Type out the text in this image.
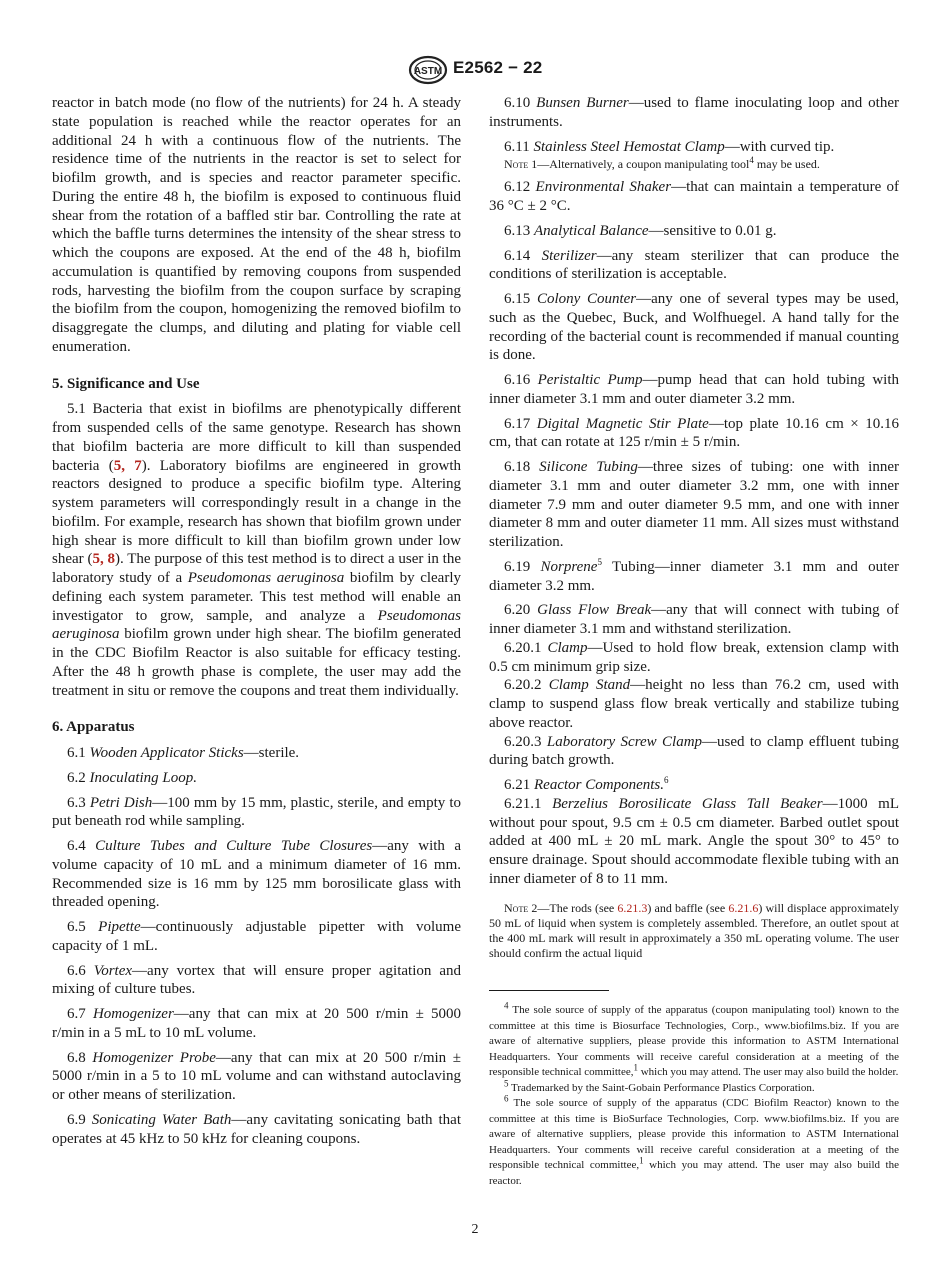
ASTM E2562 − 22

reactor in batch mode (no flow of the nutrients) for 24 h. A steady state population is reached while the reactor operates for an additional 24 h with a continuous flow of the nutrients. The residence time of the nutrients in the reactor is set to select for biofilm growth, and is species and reactor parameter specific. During the entire 48 h, the biofilm is exposed to continuous fluid shear from the rotation of a baffled stir bar. Controlling the rate at which the baffle turns determines the intensity of the shear stress to which the coupons are exposed. At the end of the 48 h, biofilm accumulation is quantified by removing coupons from suspended rods, harvesting the biofilm from the coupon surface by scraping the biofilm from the coupon, homogenizing the removed biofilm to disaggregate the clumps, and diluting and plating for viable cell enumeration.

5. Significance and Use

5.1 Bacteria that exist in biofilms are phenotypically different from suspended cells of the same genotype. Research has shown that biofilm bacteria are more difficult to kill than suspended bacteria (5, 7). Laboratory biofilms are engineered in growth reactors designed to produce a specific biofilm type. Altering system parameters will correspondingly result in a change in the biofilm. For example, research has shown that biofilm grown under high shear is more difficult to kill than biofilm grown under low shear (5, 8). The purpose of this test method is to direct a user in the laboratory study of a Pseudomonas aeruginosa biofilm by clearly defining each system parameter. This test method will enable an investigator to grow, sample, and analyze a Pseudomonas aeruginosa biofilm grown under high shear. The biofilm generated in the CDC Biofilm Reactor is also suitable for efficacy testing. After the 48 h growth phase is complete, the user may add the treatment in situ or remove the coupons and treat them individually.

6. Apparatus

6.1 Wooden Applicator Sticks—sterile.

6.2 Inoculating Loop.

6.3 Petri Dish—100 mm by 15 mm, plastic, sterile, and empty to put beneath rod while sampling.

6.4 Culture Tubes and Culture Tube Closures—any with a volume capacity of 10 mL and a minimum diameter of 16 mm. Recommended size is 16 mm by 125 mm borosilicate glass with threaded opening.

6.5 Pipette—continuously adjustable pipetter with volume capacity of 1 mL.

6.6 Vortex—any vortex that will ensure proper agitation and mixing of culture tubes.

6.7 Homogenizer—any that can mix at 20 500 r/min ± 5000 r/min in a 5 mL to 10 mL volume.

6.8 Homogenizer Probe—any that can mix at 20 500 r/min ± 5000 r/min in a 5 to 10 mL volume and can withstand autoclaving or other means of sterilization.

6.9 Sonicating Water Bath—any cavitating sonicating bath that operates at 45 kHz to 50 kHz for cleaning coupons.

6.10 Bunsen Burner—used to flame inoculating loop and other instruments.

6.11 Stainless Steel Hemostat Clamp—with curved tip.

Note 1—Alternatively, a coupon manipulating tool$^4$ may be used.

6.12 Environmental Shaker—that can maintain a temperature of 36 °C ± 2 °C.

6.13 Analytical Balance—sensitive to 0.01 g.

6.14 Sterilizer—any steam sterilizer that can produce the conditions of sterilization is acceptable.

6.15 Colony Counter—any one of several types may be used, such as the Quebec, Buck, and Wolfhuegel. A hand tally for the recording of the bacterial count is recommended if manual counting is done.

6.16 Peristaltic Pump—pump head that can hold tubing with inner diameter 3.1 mm and outer diameter 3.2 mm.

6.17 Digital Magnetic Stir Plate—top plate 10.16 cm × 10.16 cm, that can rotate at 125 r/min ± 5 r/min.

6.18 Silicone Tubing—three sizes of tubing: one with inner diameter 3.1 mm and outer diameter 3.2 mm, one with inner diameter 7.9 mm and outer diameter 9.5 mm, and one with inner diameter 8 mm and outer diameter 11 mm. All sizes must withstand sterilization.

6.19 Norprene$^5$ Tubing—inner diameter 3.1 mm and outer diameter 3.2 mm.

6.20 Glass Flow Break—any that will connect with tubing of inner diameter 3.1 mm and withstand sterilization.

6.20.1 Clamp—Used to hold flow break, extension clamp with 0.5 cm minimum grip size.

6.20.2 Clamp Stand—height no less than 76.2 cm, used with clamp to suspend glass flow break vertically and stabilize tubing above reactor.

6.20.3 Laboratory Screw Clamp—used to clamp effluent tubing during batch growth.

6.21 Reactor Components.$^6$

6.21.1 Berzelius Borosilicate Glass Tall Beaker—1000 mL without pour spout, 9.5 cm ± 0.5 cm diameter. Barbed outlet spout added at 400 mL ± 20 mL mark. Angle the spout 30° to 45° to ensure drainage. Spout should accommodate flexible tubing with an inner diameter of 8 to 11 mm.

Note 2—The rods (see 6.21.3) and baffle (see 6.21.6) will displace approximately 50 mL of liquid when system is completely assembled. Therefore, an outlet spout at the 400 mL mark will result in approximately a 350 mL operating volume. The user should confirm the actual liquid

$^4$ The sole source of supply of the apparatus (coupon manipulating tool) known to the committee at this time is Biosurface Technologies, Corp., www.biofilms.biz. If you are aware of alternative suppliers, please provide this information to ASTM International Headquarters. Your comments will receive careful consideration at a meeting of the responsible technical committee,$^1$ which you may attend. The user may also build the holder.

$^5$ Trademarked by the Saint-Gobain Performance Plastics Corporation.

$^6$ The sole source of supply of the apparatus (CDC Biofilm Reactor) known to the committee at this time is BioSurface Technologies, Corp. www.biofilms.biz. If you are aware of alternative suppliers, please provide this information to ASTM International Headquarters. Your comments will receive careful consideration at a meeting of the responsible technical committee,$^1$ which you may attend. The user may also build the reactor.

2
